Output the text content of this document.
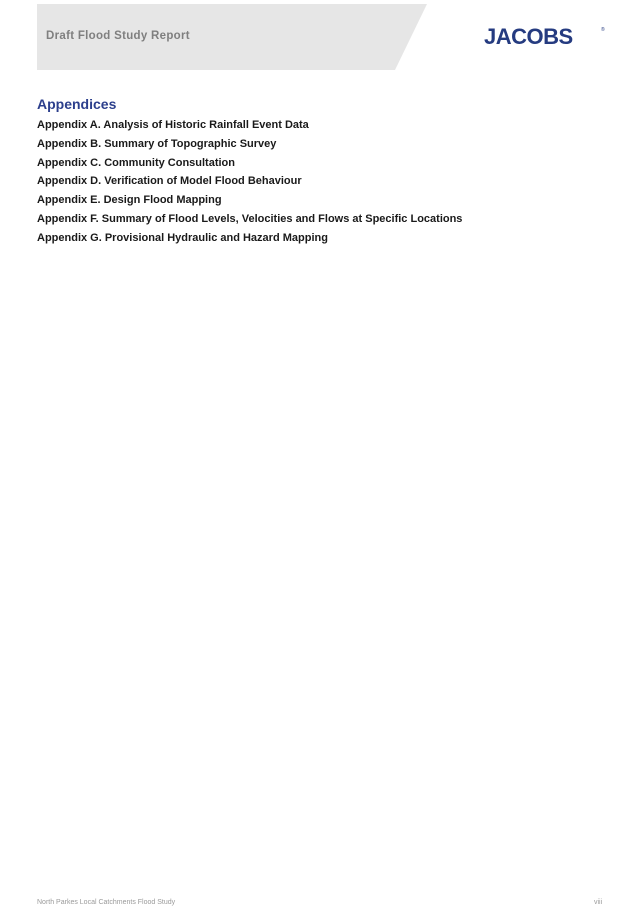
Draft Flood Study Report	JACOBS	®
Appendices
Appendix A. Analysis of Historic Rainfall Event Data
Appendix B. Summary of Topographic Survey
Appendix C. Community Consultation
Appendix D. Verification of Model Flood Behaviour
Appendix E. Design Flood Mapping
Appendix F. Summary of Flood Levels, Velocities and Flows at Specific Locations
Appendix G. Provisional Hydraulic and Hazard Mapping
North Parkes Local Catchments Flood Study	viii
